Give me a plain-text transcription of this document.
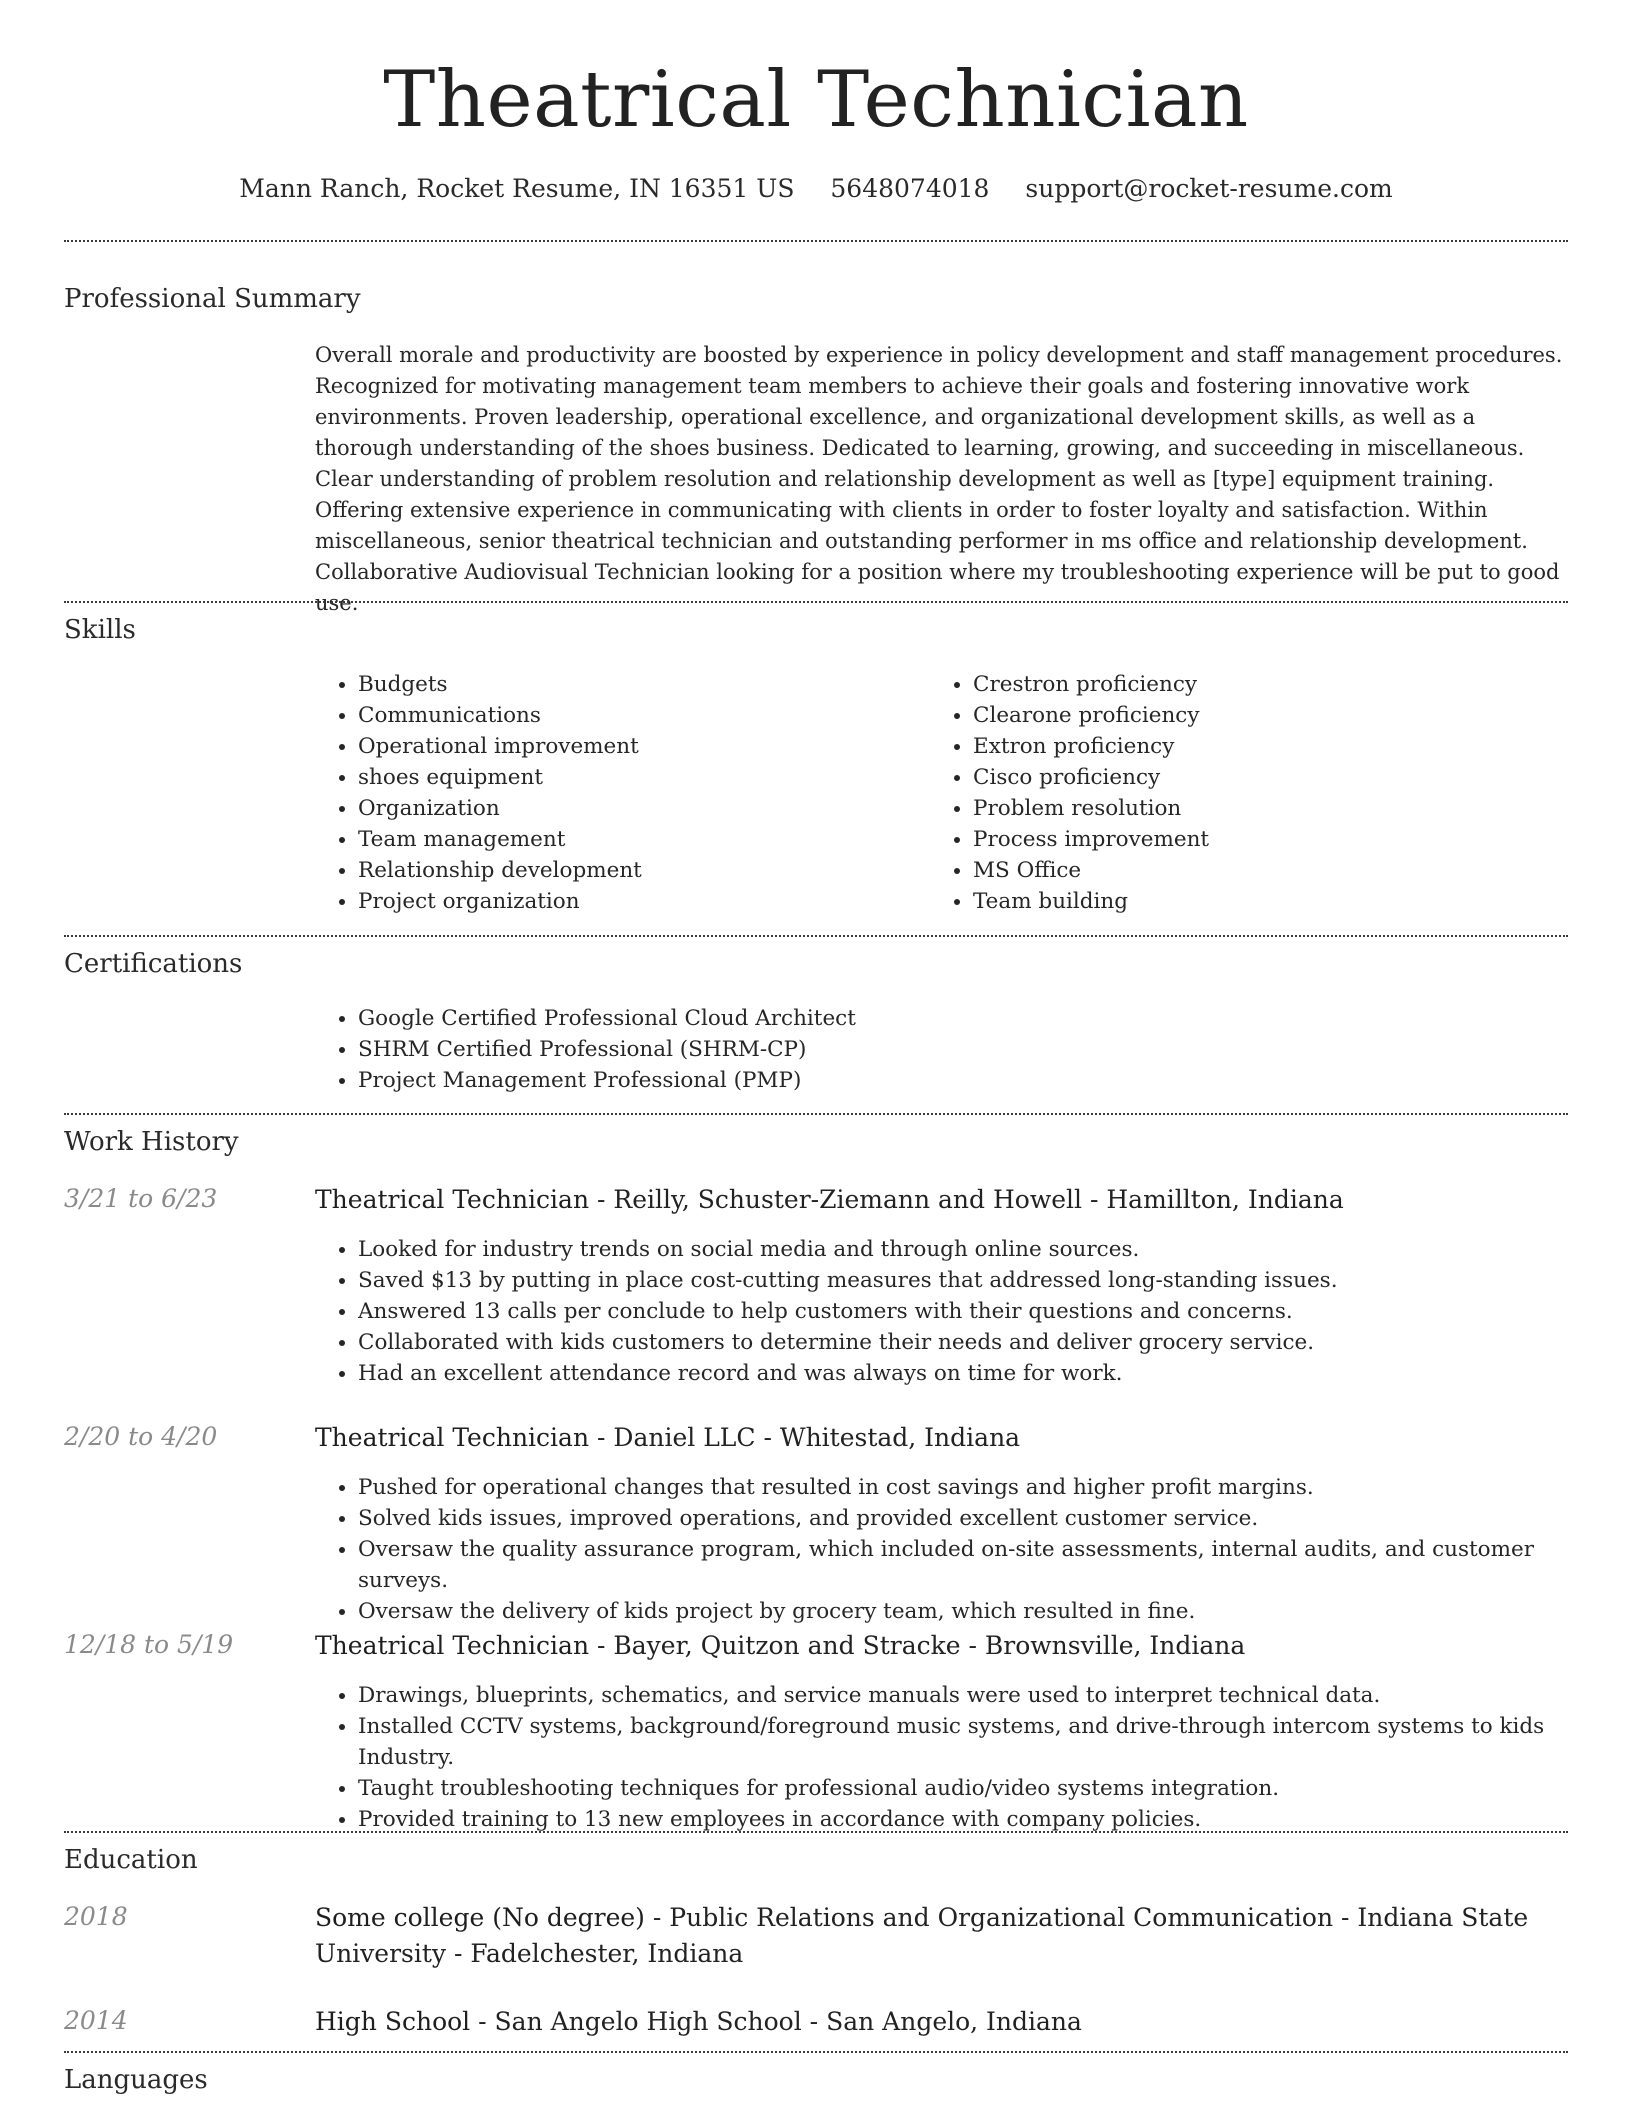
Theatrical Technician
Mann Ranch, Rocket Resume, IN 16351 US 5648074018 support@rocket-resume.com
Professional Summary

Overall morale and productivity are boosted by experience in policy development and staff management procedures. Recognized for motivating management team members to achieve their goals and fostering innovative work environments. Proven leadership, operational excellence, and organizational development skills, as well as a thorough understanding of the shoes business. Dedicated to learning, growing, and succeeding in miscellaneous. Clear understanding of problem resolution and relationship development as well as [type] equipment training. Offering extensive experience in communicating with clients in order to foster loyalty and satisfaction. Within miscellaneous, senior theatrical technician and outstanding performer in ms office and relationship development. Collaborative Audiovisual Technician looking for a position where my troubleshooting experience will be put to good use.

Skills
• Budgets
• Communications
• Operational improvement
• shoes equipment
• Organization
• Team management
• Relationship development
• Project organization
• Crestron proficiency
• Clearone proficiency
• Extron proficiency
• Cisco proficiency
• Problem resolution
• Process improvement
• MS Office
• Team building
Certifications
• Google Certified Professional Cloud Architect
• SHRM Certified Professional (SHRM-CP)
• Project Management Professional (PMP)
Work History
3/21 to 6/23	Theatrical Technician - Reilly, Schuster-Ziemann and Howell - Hamillton, Indiana
• Looked for industry trends on social media and through online sources.
• Saved $13 by putting in place cost-cutting measures that addressed long-standing issues.
• Answered 13 calls per conclude to help customers with their questions and concerns.
• Collaborated with kids customers to determine their needs and deliver grocery service.
• Had an excellent attendance record and was always on time for work.
2/20 to 4/20	Theatrical Technician - Daniel LLC - Whitestad, Indiana
• Pushed for operational changes that resulted in cost savings and higher profit margins.
• Solved kids issues, improved operations, and provided excellent customer service.
• Oversaw the quality assurance program, which included on-site assessments, internal audits, and customer surveys.
• Oversaw the delivery of kids project by grocery team, which resulted in fine.
12/18 to 5/19	Theatrical Technician - Bayer, Quitzon and Stracke - Brownsville, Indiana
• Drawings, blueprints, schematics, and service manuals were used to interpret technical data.
• Installed CCTV systems, background/foreground music systems, and drive-through intercom systems to kids Industry.
• Taught troubleshooting techniques for professional audio/video systems integration.
• Provided training to 13 new employees in accordance with company policies.
Education
2018	Some college (No degree) - Public Relations and Organizational Communication - Indiana State University - Fadelchester, Indiana
2014	High School - San Angelo High School - San Angelo, Indiana
Languages
